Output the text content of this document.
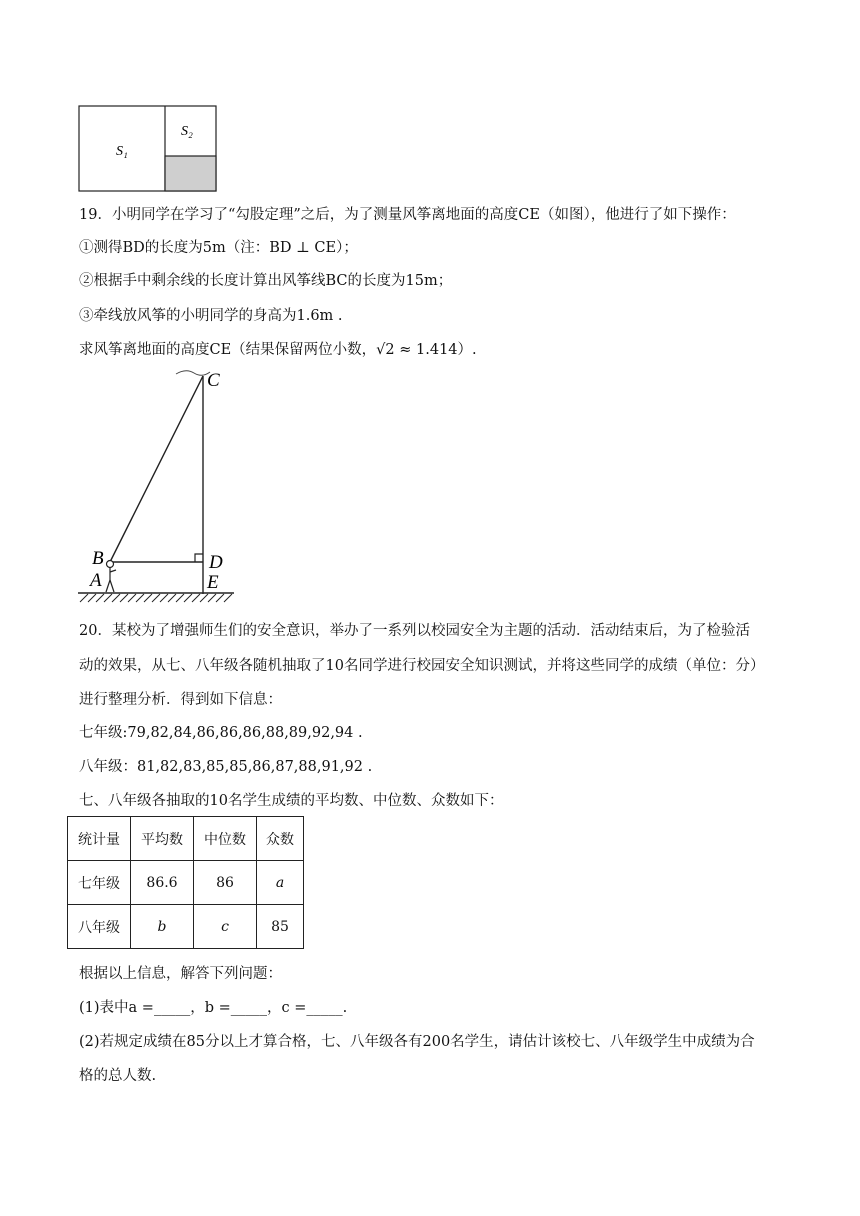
S₁
S₂
19．小明同学在学习了“勾股定理”之后，为了测量风筝离地面的高度CE（如图），他进行了如下操作：
①测得BD的长度为5m（注：BD ⊥ CE）；
②根据手中剩余线的长度计算出风筝线BC的长度为15m；
③牵线放风筝的小明同学的身高为1.6m .
求风筝离地面的高度CE（结果保留两位小数，√2 ≈ 1.414）.
C
B	D
A	E
20．某校为了增强师生们的安全意识，举办了一系列以校园安全为主题的活动．活动结束后，为了检验活
动的效果，从七、八年级各随机抽取了10名同学进行校园安全知识测试，并将这些同学的成绩（单位：分）
进行整理分析．得到如下信息：
七年级:79,82,84,86,86,86,88,89,92,94 .
八年级：81,82,83,85,85,86,87,88,91,92 .
七、八年级各抽取的10名学生成绩的平均数、中位数、众数如下：
统计量	平均数	中位数	众数
七年级	86.6	86	a
八年级	b	c	85
根据以上信息，解答下列问题：
(1)表中a =_____，b =_____，c =_____.
(2)若规定成绩在85分以上才算合格，七、八年级各有200名学生，请估计该校七、八年级学生中成绩为合
格的总人数.
